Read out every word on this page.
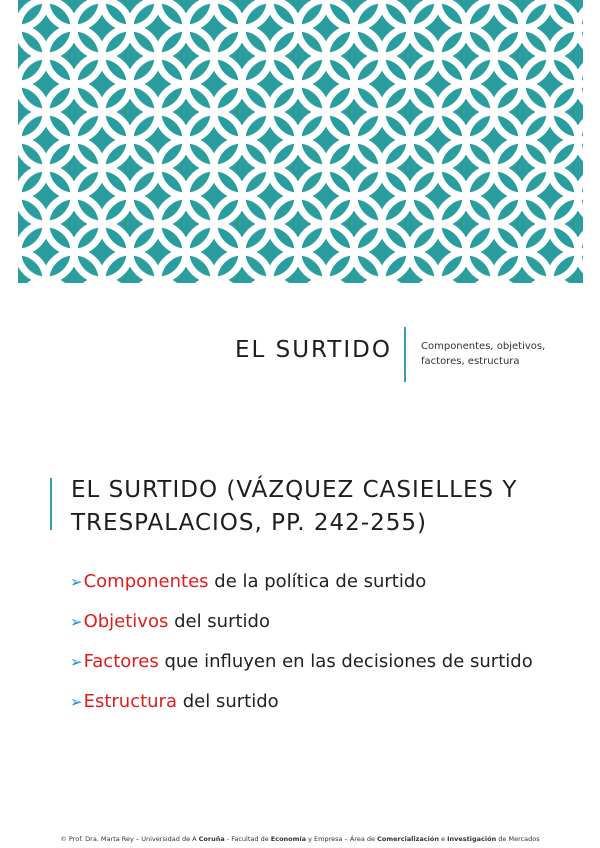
EL SURTIDO	Componentes, objetivos, factores, estructura
EL SURTIDO (VÁZQUEZ CASIELLES Y TRESPALACIOS, PP. 242-255)
➢Componentes de la política de surtido
➢Objetivos del surtido
➢Factores que influyen en las decisiones de surtido
➢Estructura del surtido
© Prof. Dra. Marta Rey – Universidad de A Coruña - Facultad de Economía y Empresa – Área de Comercialización e Investigación de Mercados
